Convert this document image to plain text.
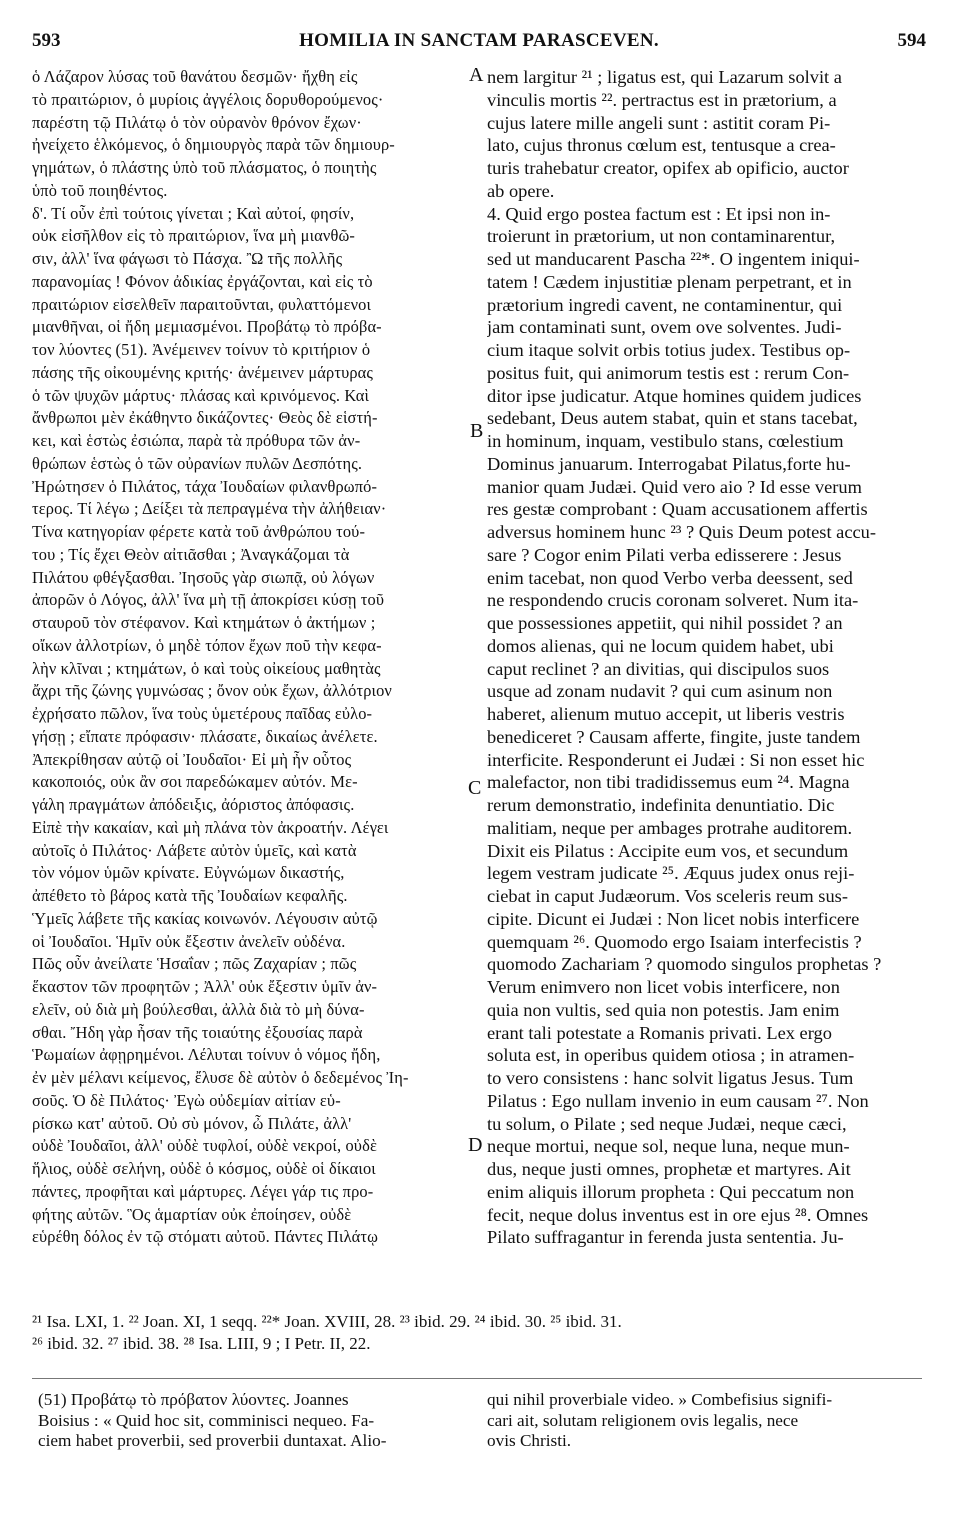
593	HOMILIA IN SANCTAM PARASCEVEN.	594
ὁ Λάζαρον λύσας τοῦ θανάτου δεσμῶν· ἤχθη εἰς
τὸ πραιτώριον, ὁ μυρίοις ἀγγέλοις δορυθορούμενος·
παρέστη τῷ Πιλάτῳ ὁ τὸν οὐρανὸν θρόνον ἔχων·
ἠνείχετο ἑλκόμενος, ὁ δημιουργὸς παρὰ τῶν δημιουρ-
γημάτων, ὁ πλάστης ὑπὸ τοῦ πλάσματος, ὁ ποιητὴς
ὑπὸ τοῦ ποιηθέντος.
δ'. Τί οὖν ἐπὶ τούτοις γίνεται ; Καὶ αὐτοί, φησίν,
οὐκ εἰσῆλθον εἰς τὸ πραιτώριον, ἵνα μὴ μιανθῶ-
σιν, ἀλλ' ἵνα φάγωσι τὸ Πάσχα. Ὢ τῆς πολλῆς
παρανομίας ! Φόνον ἀδικίας ἐργάζονται, καὶ εἰς τὸ
πραιτώριον εἰσελθεῖν παραιτοῦνται, φυλαττόμενοι
μιανθῆναι, οἱ ἤδη μεμιασμένοι. Προβάτῳ τὸ πρόβα-
τον λύοντες (51). Ἀνέμεινεν τοίνυν τὸ κριτήριον ὁ
πάσης τῆς οἰκουμένης κριτής· ἀνέμεινεν μάρτυρας
ὁ τῶν ψυχῶν μάρτυς· πλάσας καὶ κρινόμενος. Καὶ
ἄνθρωποι μὲν ἐκάθηντο δικάζοντες· Θεὸς δὲ εἱστή-
κει, καὶ ἑστὼς ἐσιώπα, παρὰ τὰ πρόθυρα τῶν ἀν-
θρώπων ἑστὼς ὁ τῶν οὐρανίων πυλῶν Δεσπότης.
Ἠρώτησεν ὁ Πιλάτος, τάχα Ἰουδαίων φιλανθρωπό-
τερος. Τί λέγω ; Δείξει τὰ πεπραγμένα τὴν ἀλήθειαν·
Τίνα κατηγορίαν φέρετε κατὰ τοῦ ἀνθρώπου τού-
του ; Τίς ἔχει Θεὸν αἰτιᾶσθαι ; Ἀναγκάζομαι τὰ
Πιλάτου φθέγξασθαι. Ἰησοῦς γὰρ σιωπᾷ, οὐ λόγων
ἀπορῶν ὁ Λόγος, ἀλλ' ἵνα μὴ τῇ ἀποκρίσει κύσῃ τοῦ
σταυροῦ τὸν στέφανον. Καὶ κτημάτων ὁ ἀκτήμων ;
οἴκων ἀλλοτρίων, ὁ μηδὲ τόπον ἔχων ποῦ τὴν κεφα-
λὴν κλῖναι ; κτημάτων, ὁ καὶ τοὺς οἰκείους μαθητὰς
ἄχρι τῆς ζώνης γυμνώσας ; ὄνον οὐκ ἔχων, ἀλλότριον
ἐχρήσατο πῶλον, ἵνα τοὺς ὑμετέρους παῖδας εὐλο-
γήσῃ ; εἴπατε πρόφασιν· πλάσατε, δικαίως ἀνέλετε.
Ἀπεκρίθησαν αὐτῷ οἱ Ἰουδαῖοι· Εἰ μὴ ἦν οὗτος
κακοποιός, οὐκ ἂν σοι παρεδώκαμεν αὐτόν. Με-
γάλη πραγμάτων ἀπόδειξις, ἀόριστος ἀπόφασις.
Εἰπὲ τὴν κακαίαν, καὶ μὴ πλάνα τὸν ἀκροατήν. Λέγει
αὐτοῖς ὁ Πιλάτος· Λάβετε αὐτὸν ὑμεῖς, καὶ κατὰ
τὸν νόμον ὑμῶν κρίνατε. Εὐγνώμων δικαστής,
ἀπέθετο τὸ βάρος κατὰ τῆς Ἰουδαίων κεφαλῆς.
Ὑμεῖς λάβετε τῆς κακίας κοινωνόν. Λέγουσιν αὐτῷ
οἱ Ἰουδαῖοι. Ἡμῖν οὐκ ἔξεστιν ἀνελεῖν οὐδένα.
Πῶς οὖν ἀνείλατε Ἡσαΐαν ; πῶς Ζαχαρίαν ; πῶς
ἕκαστον τῶν προφητῶν ; Ἀλλ' οὐκ ἔξεστιν ὑμῖν ἀν-
ελεῖν, οὐ διὰ μὴ βούλεσθαι, ἀλλὰ διὰ τὸ μὴ δύνα-
σθαι. Ἤδη γὰρ ἦσαν τῆς τοιαύτης ἐξουσίας παρὰ
Ῥωμαίων ἀφῃρημένοι. Λέλυται τοίνυν ὁ νόμος ἤδη,
ἐν μὲν μέλανι κείμενος, ἔλυσε δὲ αὐτὸν ὁ δεδεμένος Ἰη-
σοῦς. Ὁ δὲ Πιλάτος· Ἐγὼ οὐδεμίαν αἰτίαν εὑ-
ρίσκω κατ' αὐτοῦ. Οὐ σὺ μόνον, ὦ Πιλάτε, ἀλλ'
οὐδὲ Ἰουδαῖοι, ἀλλ' οὐδὲ τυφλοί, οὐδὲ νεκροί, οὐδὲ
ἥλιος, οὐδὲ σελήνη, οὐδὲ ὁ κόσμος, οὐδὲ οἱ δίκαιοι
πάντες, προφῆται καὶ μάρτυρες. Λέγει γάρ τις προ-
φήτης αὐτῶν. Ὃς ἁμαρτίαν οὐκ ἐποίησεν, οὐδὲ
εὑρέθη δόλος ἐν τῷ στόματι αὐτοῦ. Πάντες Πιλάτῳ
nem largitur ²¹ ; ligatus est, qui Lazarum solvit a
vinculis mortis ²². pertractus est in prætorium, a
cujus latere mille angeli sunt : astitit coram Pi-
lato, cujus thronus cœlum est, tentusque a crea-
turis trahebatur creator, opifex ab opificio, auctor
ab opere.
4. Quid ergo postea factum est : Et ipsi non in-
troierunt in prætorium, ut non contaminarentur,
sed ut manducarent Pascha ²²*. O ingentem iniqui-
tatem ! Cædem injustitiæ plenam perpetrant, et in
prætorium ingredi cavent, ne contaminentur, qui
jam contaminati sunt, ovem ove solventes. Judi-
cium itaque solvit orbis totius judex. Testibus op-
positus fuit, qui animorum testis est : rerum Con-
ditor ipse judicatur. Atque homines quidem judices
sedebant, Deus autem stabat, quin et stans tacebat,
in hominum, inquam, vestibulo stans, cœlestium
Dominus januarum. Interrogabat Pilatus,forte hu-
manior quam Judæi. Quid vero aio ? Id esse verum
res gestæ comprobant : Quam accusationem affertis
adversus hominem hunc ²³ ? Quis Deum potest accu-
sare ? Cogor enim Pilati verba edisserere : Jesus
enim tacebat, non quod Verbo verba deessent, sed
ne respondendo crucis coronam solveret. Num ita-
que possessiones appetiit, qui nihil possidet ? an
domos alienas, qui ne locum quidem habet, ubi
caput reclinet ? an divitias, qui discipulos suos
usque ad zonam nudavit ? qui cum asinum non
haberet, alienum mutuo accepit, ut liberis vestris
benediceret ? Causam afferte, fingite, juste tandem
interficite. Responderunt ei Judæi : Si non esset hic
malefactor, non tibi tradidissemus eum ²⁴. Magna
rerum demonstratio, indefinita denuntiatio. Dic
malitiam, neque per ambages protrahe auditorem.
Dixit eis Pilatus : Accipite eum vos, et secundum
legem vestram judicate ²⁵. Æquus judex onus reji-
ciebat in caput Judæorum. Vos sceleris reum sus-
cipite. Dicunt ei Judæi : Non licet nobis interficere
quemquam ²⁶. Quomodo ergo Isaiam interfecistis ?
quomodo Zachariam ? quomodo singulos prophetas ?
Verum enimvero non licet vobis interficere, non
quia non vultis, sed quia non potestis. Jam enim
erant tali potestate a Romanis privati. Lex ergo
soluta est, in operibus quidem otiosa ; in atramen-
to vero consistens : hanc solvit ligatus Jesus. Tum
Pilatus : Ego nullam invenio in eum causam ²⁷. Non
tu solum, o Pilate ; sed neque Judæi, neque cæci,
neque mortui, neque sol, neque luna, neque mun-
dus, neque justi omnes, prophetæ et martyres. Ait
enim aliquis illorum propheta : Qui peccatum non
fecit, neque dolus inventus est in ore ejus ²⁸. Omnes
Pilato suffragantur in ferenda justa sententia. Ju-
A
B
C
D
²¹ Isa. LXI, 1. ²² Joan. XI, 1 seqq. ²²* Joan. XVIII, 28. ²³ ibid. 29. ²⁴ ibid. 30. ²⁵ ibid. 31.
²⁶ ibid. 32. ²⁷ ibid. 38. ²⁸ Isa. LIII, 9 ; I Petr. II, 22.
(51) Προβάτῳ τὸ πρόβατον λύοντες. Joannes
Boisius : « Quid hoc sit, comminisci nequeo. Fa-
ciem habet proverbii, sed proverbii duntaxat. Alio-
qui nihil proverbiale video. » Combefisius signifi-
cari ait, solutam religionem ovis legalis, nece
ovis Christi.
